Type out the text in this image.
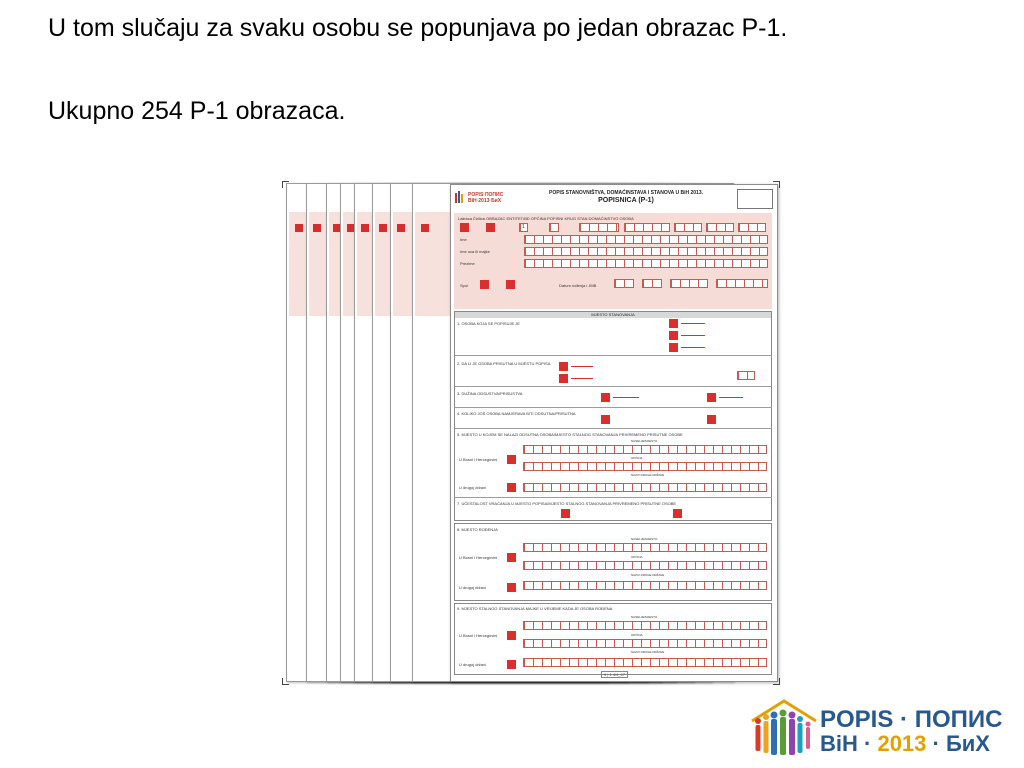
Census!Bosna i Hercegovina
Popis!POPIS·2013. Босна и Херцеговина
Попис!ПОПИС·2013.

U tom slučaju za svaku osobu se popunjava po jedan obrazac P-1.

Ukupno 254 P-1 obrazaca.

POPIS·ПОПИС BiH·2013·БиХ
POPIS STANOVNIŠTVA, DOMAĆINSTAVA I STANOVA U BiH 2013.
POPISNICA (P-1)
Latinica Ćirilica OBRAZAC ENTITET/BD OPĆINA POPISNI KRUG STAN DOMAĆINSTVO OSOBA
1
Ime
Ime oca ili majke
Prezime
Spol	Datum rođenja i JMB
MJESTO STANOVANJA
1. OSOBA KOJA SE POPISUJE JE
2. DA LI JE OSOBA PRISUTNA U MJESTU POPISA
3. DUŽINA ODSUSTVA/PRISUSTVA
4. KOLIKO JOŠ OSOBA NAMJERAVA BITI ODSUTNA/PRISUTNA
5. MJESTO U KOJEM SE NALAZI ODSUTNA OSOBA/MJESTO STALNOG STANOVANJA PRIVREMENO PRISUTNE OSOBE
NASELJE/MJESTO
U Bosni i Hercegovini	OPĆINA
NAZIV DRUGE DRŽAVE
U drugoj državi
7. UČESTALOST VRAĆANJA U MJESTO POPISA/MJESTO STALNOG STANOVANJA PRIVREMENO PRISUTNE OSOBE
8. MJESTO ROĐENJA
NASELJE/MJESTO
U Bosni i Hercegovini	OPĆINA
NAZIV DRUGE DRŽAVE
U drugoj državi
9. MJESTO STALNOG STANOVANJA MAJKE U VRIJEME KADA JE OSOBA ROĐENA
NASELJE/MJESTO
U Bosni i Hercegovini	OPĆINA
NAZIV DRUGE DRŽAVE
U drugoj državi
5 | 1 4/4_07
POPIS · ПОПИС
BiH · 2013 · БиХ
